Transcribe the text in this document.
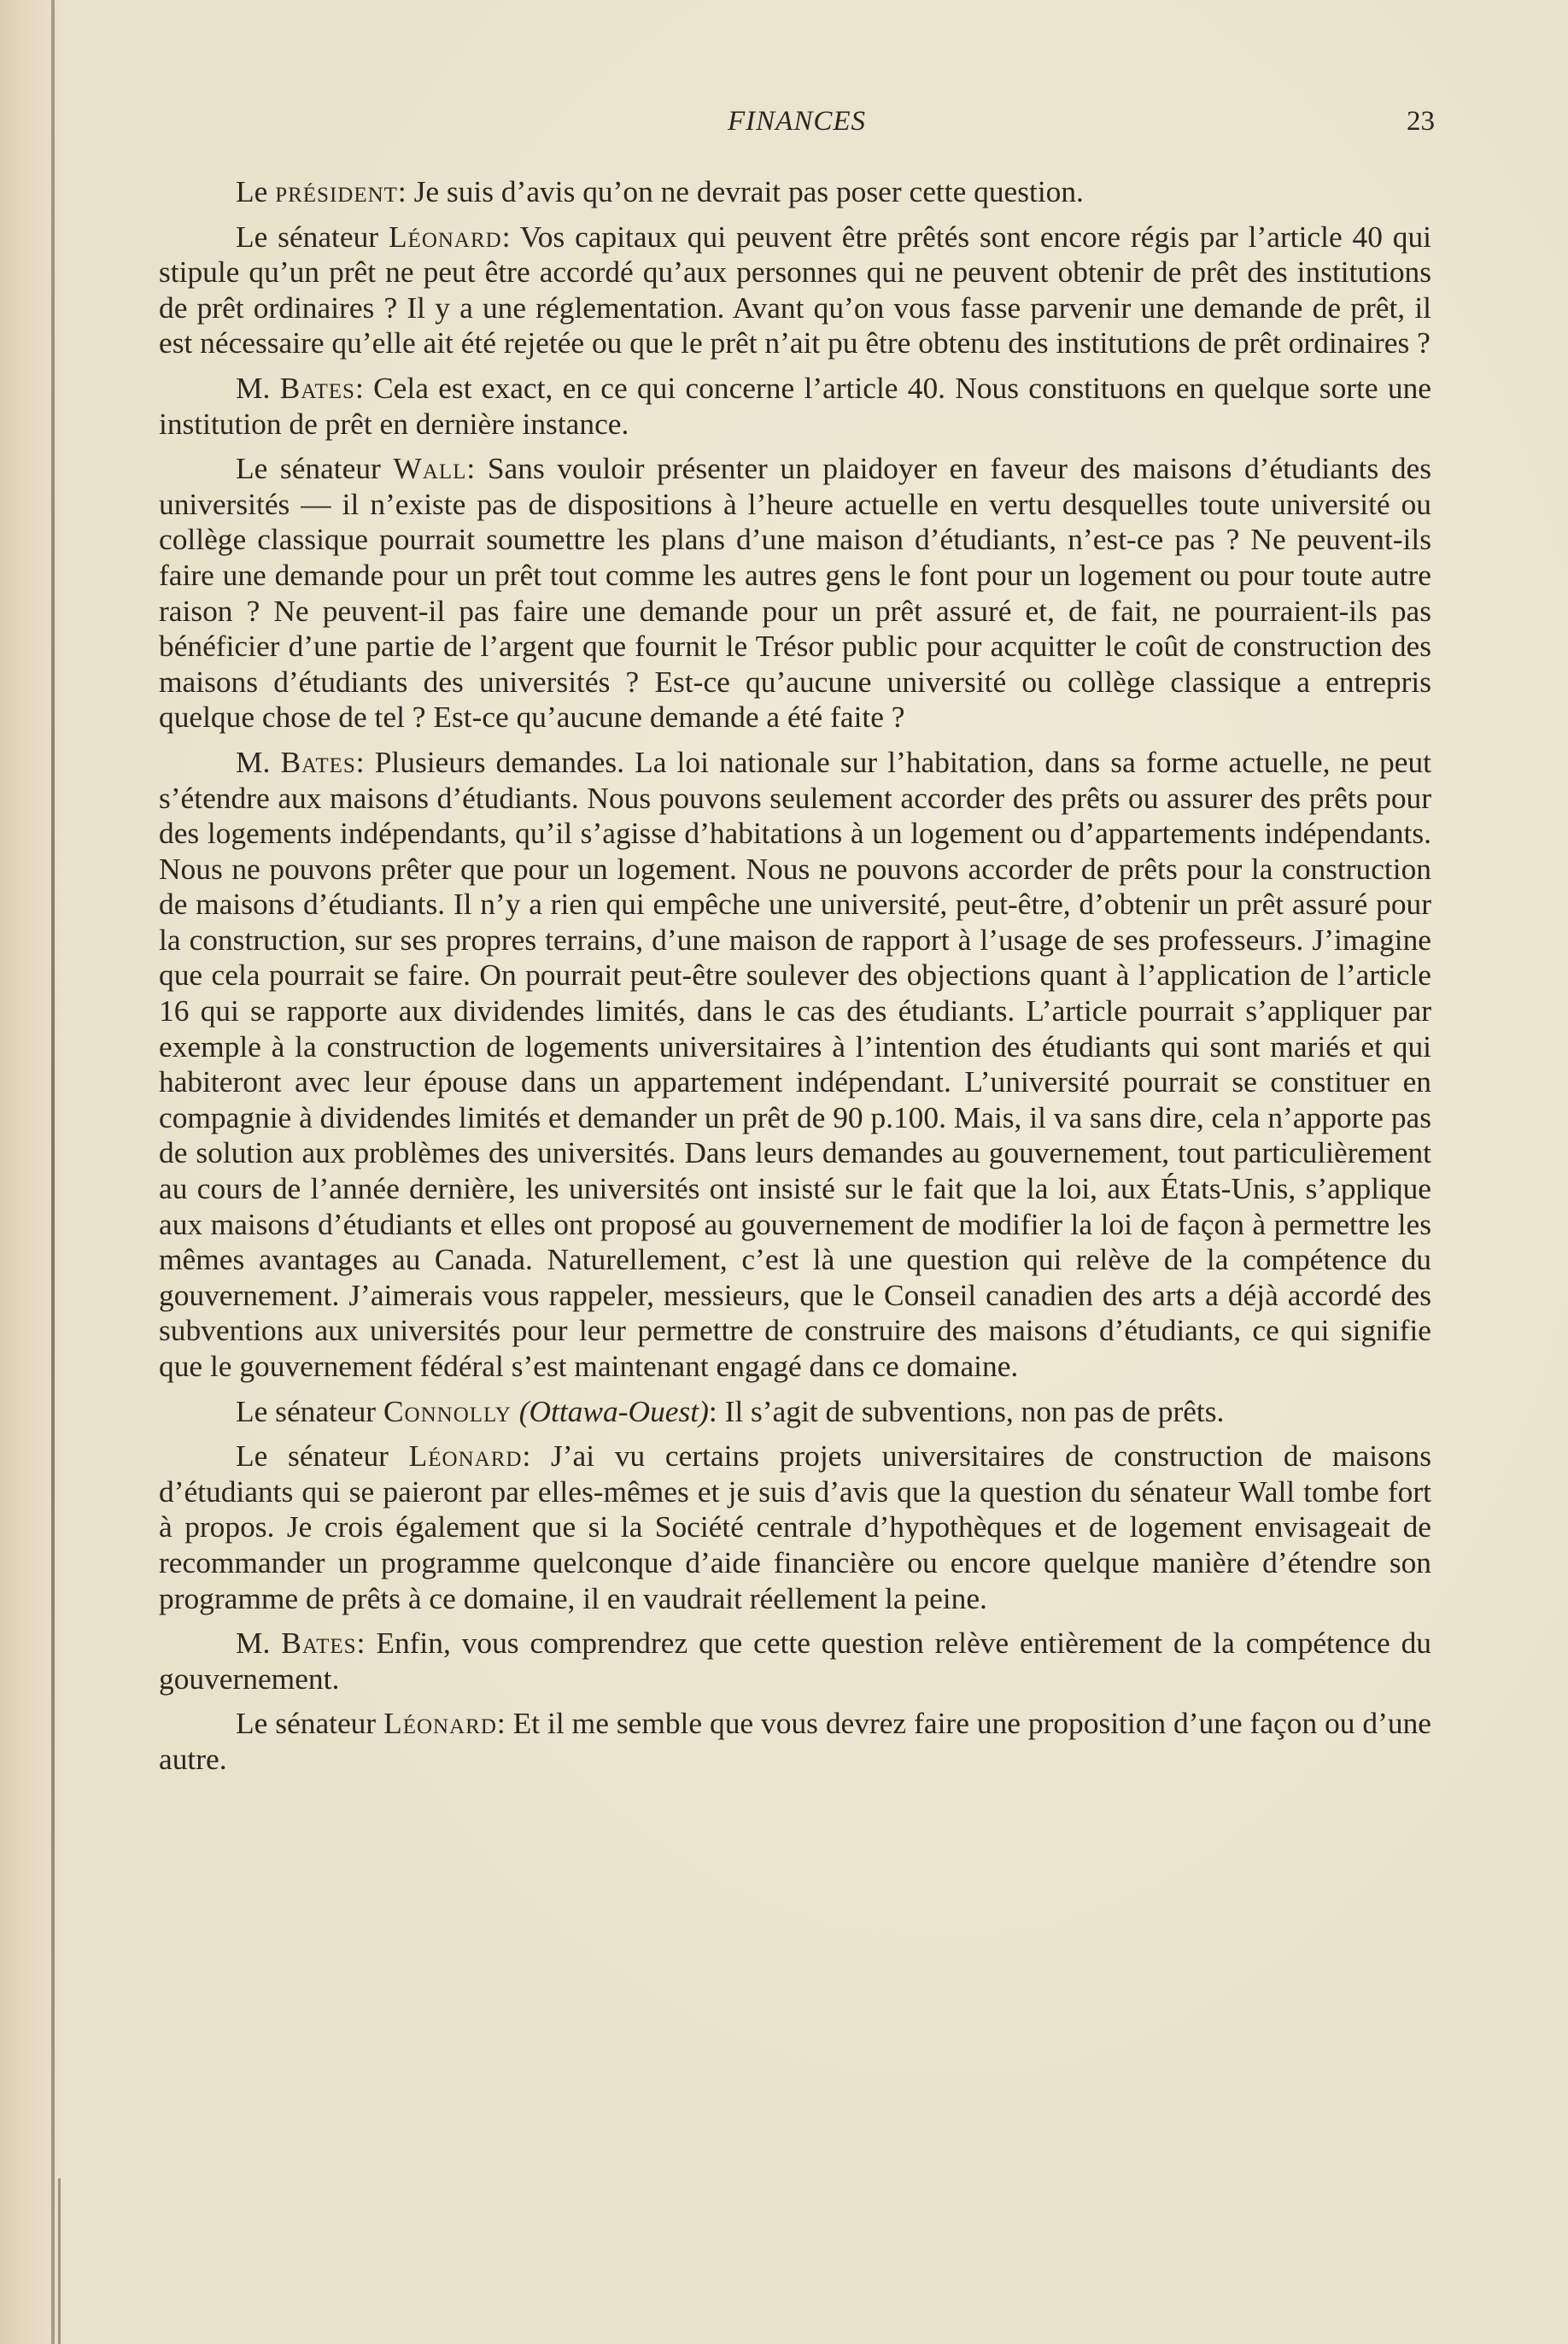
FINANCES	23

Le président: Je suis d’avis qu’on ne devrait pas poser cette question.

Le sénateur Léonard: Vos capitaux qui peuvent être prêtés sont encore régis par l’article 40 qui stipule qu’un prêt ne peut être accordé qu’aux personnes qui ne peuvent obtenir de prêt des institutions de prêt ordinaires ? Il y a une réglementation. Avant qu’on vous fasse parvenir une demande de prêt, il est nécessaire qu’elle ait été rejetée ou que le prêt n’ait pu être obtenu des institutions de prêt ordinaires ?

M. Bates: Cela est exact, en ce qui concerne l’article 40. Nous constituons en quelque sorte une institution de prêt en dernière instance.

Le sénateur Wall: Sans vouloir présenter un plaidoyer en faveur des maisons d’étudiants des universités — il n’existe pas de dispositions à l’heure actuelle en vertu desquelles toute université ou collège classique pourrait soumettre les plans d’une maison d’étudiants, n’est-ce pas ? Ne peuvent-ils faire une demande pour un prêt tout comme les autres gens le font pour un logement ou pour toute autre raison ? Ne peuvent-il pas faire une demande pour un prêt assuré et, de fait, ne pourraient-ils pas bénéficier d’une partie de l’argent que fournit le Trésor public pour acquitter le coût de construction des maisons d’étudiants des universités ? Est-ce qu’aucune université ou collège classique a entrepris quelque chose de tel ? Est-ce qu’aucune demande a été faite ?

M. Bates: Plusieurs demandes. La loi nationale sur l’habitation, dans sa forme actuelle, ne peut s’étendre aux maisons d’étudiants. Nous pouvons seulement accorder des prêts ou assurer des prêts pour des logements indépendants, qu’il s’agisse d’habitations à un logement ou d’appartements indépendants. Nous ne pouvons prêter que pour un logement. Nous ne pouvons accorder de prêts pour la construction de maisons d’étudiants. Il n’y a rien qui empêche une université, peut-être, d’obtenir un prêt assuré pour la construction, sur ses propres terrains, d’une maison de rapport à l’usage de ses professeurs. J’imagine que cela pourrait se faire. On pourrait peut-être soulever des objections quant à l’application de l’article 16 qui se rapporte aux dividendes limités, dans le cas des étudiants. L’article pourrait s’appliquer par exemple à la construction de logements universitaires à l’intention des étudiants qui sont mariés et qui habiteront avec leur épouse dans un appartement indépendant. L’université pourrait se constituer en compagnie à dividendes limités et demander un prêt de 90 p.100. Mais, il va sans dire, cela n’apporte pas de solution aux problèmes des universités. Dans leurs demandes au gouvernement, tout particulièrement au cours de l’année dernière, les universités ont insisté sur le fait que la loi, aux États-Unis, s’applique aux maisons d’étudiants et elles ont proposé au gouvernement de modifier la loi de façon à permettre les mêmes avantages au Canada. Naturellement, c’est là une question qui relève de la compétence du gouvernement. J’aimerais vous rappeler, messieurs, que le Conseil canadien des arts a déjà accordé des subventions aux universités pour leur permettre de construire des maisons d’étudiants, ce qui signifie que le gouvernement fédéral s’est maintenant engagé dans ce domaine.

Le sénateur Connolly (Ottawa-Ouest): Il s’agit de subventions, non pas de prêts.

Le sénateur Léonard: J’ai vu certains projets universitaires de construction de maisons d’étudiants qui se paieront par elles-mêmes et je suis d’avis que la question du sénateur Wall tombe fort à propos. Je crois également que si la Société centrale d’hypothèques et de logement envisageait de recommander un programme quelconque d’aide financière ou encore quelque manière d’étendre son programme de prêts à ce domaine, il en vaudrait réellement la peine.

M. Bates: Enfin, vous comprendrez que cette question relève entièrement de la compétence du gouvernement.

Le sénateur Léonard: Et il me semble que vous devrez faire une proposition d’une façon ou d’une autre.
